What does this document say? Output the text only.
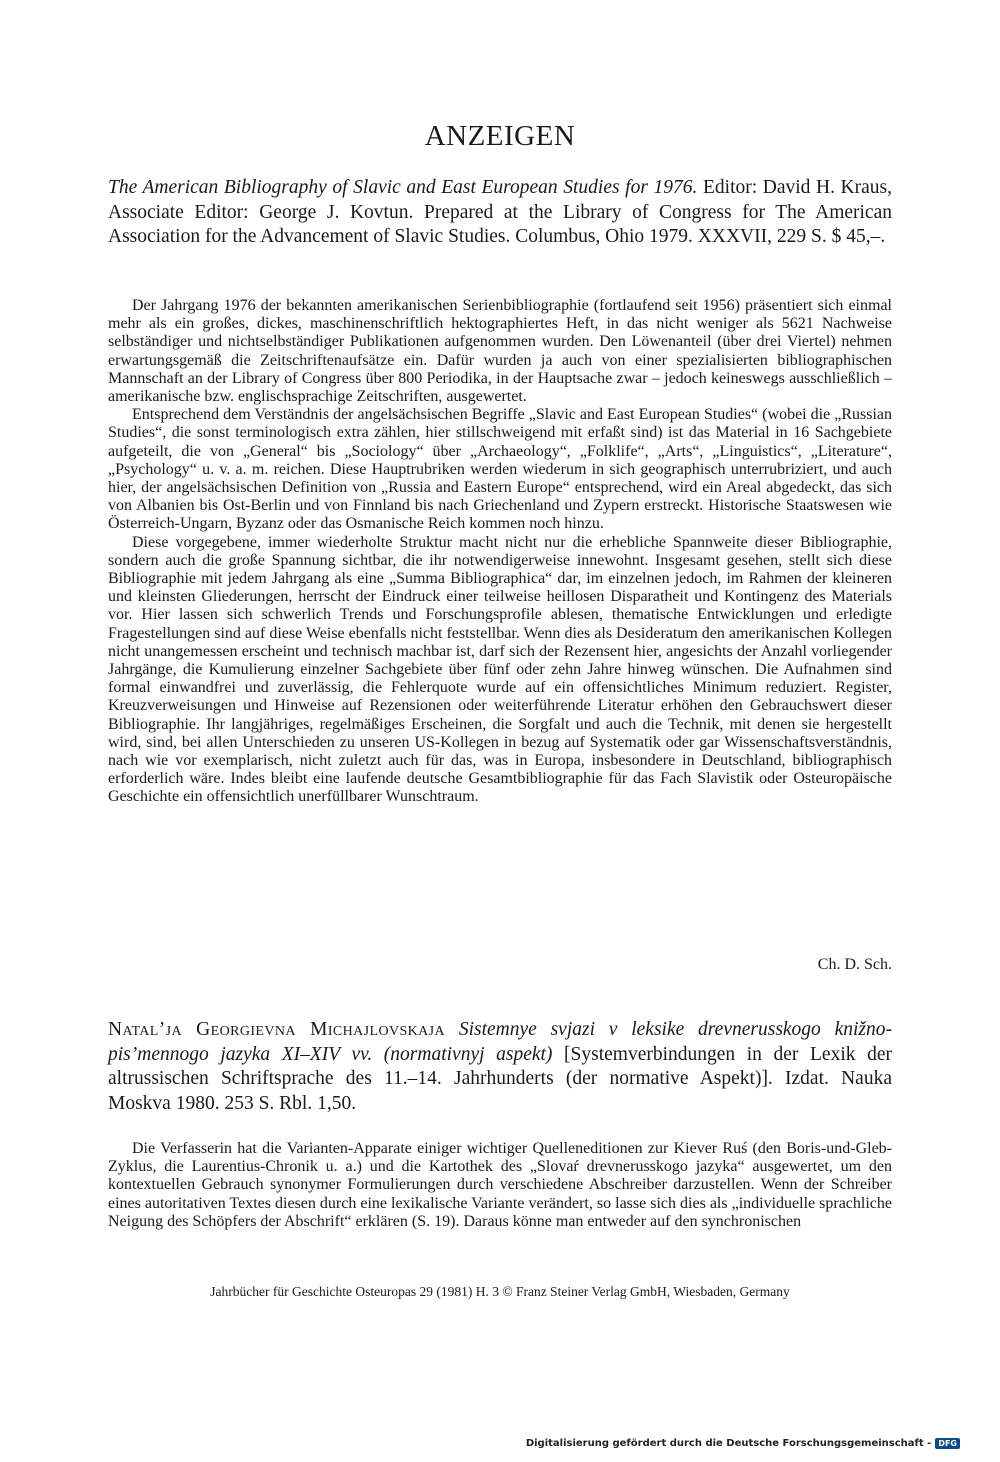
ANZEIGEN
The American Bibliography of Slavic and East European Studies for 1976. Editor: David H. Kraus, Associate Editor: George J. Kovtun. Prepared at the Library of Congress for The American Association for the Advancement of Slavic Studies. Columbus, Ohio 1979. XXXVII, 229 S. $ 45,–.

Der Jahrgang 1976 der bekannten amerikanischen Serienbibliographie (fortlaufend seit 1956) präsentiert sich einmal mehr als ein großes, dickes, maschinenschriftlich hektographiertes Heft, in das nicht weniger als 5621 Nachweise selbständiger und nichtselbständiger Publikationen aufgenommen wurden. Den Löwenanteil (über drei Viertel) nehmen erwartungsgemäß die Zeitschriftenaufsätze ein. Dafür wurden ja auch von einer spezialisierten bibliographischen Mannschaft an der Library of Congress über 800 Periodika, in der Hauptsache zwar – jedoch keineswegs ausschließlich – amerikanische bzw. englischsprachige Zeitschriften, ausgewertet.

Entsprechend dem Verständnis der angelsächsischen Begriffe „Slavic and East European Studies“ (wobei die „Russian Studies“, die sonst terminologisch extra zählen, hier stillschweigend mit erfaßt sind) ist das Material in 16 Sachgebiete aufgeteilt, die von „General“ bis „Sociology“ über „Archaeology“, „Folklife“, „Arts“, „Linguistics“, „Literature“, „Psychology“ u. v. a. m. reichen. Diese Hauptrubriken werden wiederum in sich geographisch unterrubriziert, und auch hier, der angelsächsischen Definition von „Russia and Eastern Europe“ entsprechend, wird ein Areal abgedeckt, das sich von Albanien bis Ost-Berlin und von Finnland bis nach Griechenland und Zypern erstreckt. Historische Staatswesen wie Österreich-Ungarn, Byzanz oder das Osmanische Reich kommen noch hinzu.

Diese vorgegebene, immer wiederholte Struktur macht nicht nur die erhebliche Spannweite dieser Bibliographie, sondern auch die große Spannung sichtbar, die ihr notwendigerweise innewohnt. Insgesamt gesehen, stellt sich diese Bibliographie mit jedem Jahrgang als eine „Summa Bibliographica“ dar, im einzelnen jedoch, im Rahmen der kleineren und kleinsten Gliederungen, herrscht der Eindruck einer teilweise heillosen Disparatheit und Kontingenz des Materials vor. Hier lassen sich schwerlich Trends und Forschungsprofile ablesen, thematische Entwicklungen und erledigte Fragestellungen sind auf diese Weise ebenfalls nicht feststellbar. Wenn dies als Desideratum den amerikanischen Kollegen nicht unangemessen erscheint und technisch machbar ist, darf sich der Rezensent hier, angesichts der Anzahl vorliegender Jahrgänge, die Kumulierung einzelner Sachgebiete über fünf oder zehn Jahre hinweg wünschen. Die Aufnahmen sind formal einwandfrei und zuverlässig, die Fehlerquote wurde auf ein offensichtliches Minimum reduziert. Register, Kreuzverweisungen und Hinweise auf Rezensionen oder weiterführende Literatur erhöhen den Gebrauchswert dieser Bibliographie. Ihr langjähriges, regelmäßiges Erscheinen, die Sorgfalt und auch die Technik, mit denen sie hergestellt wird, sind, bei allen Unterschieden zu unseren US-Kollegen in bezug auf Systematik oder gar Wissenschaftsverständnis, nach wie vor exemplarisch, nicht zuletzt auch für das, was in Europa, insbesondere in Deutschland, bibliographisch erforderlich wäre. Indes bleibt eine laufende deutsche Gesamtbibliographie für das Fach Slavistik oder Osteuropäische Geschichte ein offensichtlich unerfüllbarer Wunschtraum.

Ch. D. Sch.
Natal’ja Georgievna Michajlovskaja Sistemnye svjazi v leksike drevnerusskogo knižno-pis’mennogo jazyka XI–XIV vv. (normativnyj aspekt) [Systemverbindungen in der Lexik der altrussischen Schriftsprache des 11.–14. Jahrhunderts (der normative Aspekt)]. Izdat. Nauka Moskva 1980. 253 S. Rbl. 1,50.

Die Verfasserin hat die Varianten-Apparate einiger wichtiger Quelleneditionen zur Kiever Ruś (den Boris-und-Gleb-Zyklus, die Laurentius-Chronik u. a.) und die Kartothek des „Slovaŕ drevnerusskogo jazyka“ ausgewertet, um den kontextuellen Gebrauch synonymer Formulierungen durch verschiedene Abschreiber darzustellen. Wenn der Schreiber eines autoritativen Textes diesen durch eine lexikalische Variante verändert, so lasse sich dies als „individuelle sprachliche Neigung des Schöpfers der Abschrift“ erklären (S. 19). Daraus könne man entweder auf den synchronischen

Jahrbücher für Geschichte Osteuropas 29 (1981) H. 3 © Franz Steiner Verlag GmbH, Wiesbaden, Germany
Digitalisierung gefördert durch die Deutsche Forschungsgemeinschaft - DFG
